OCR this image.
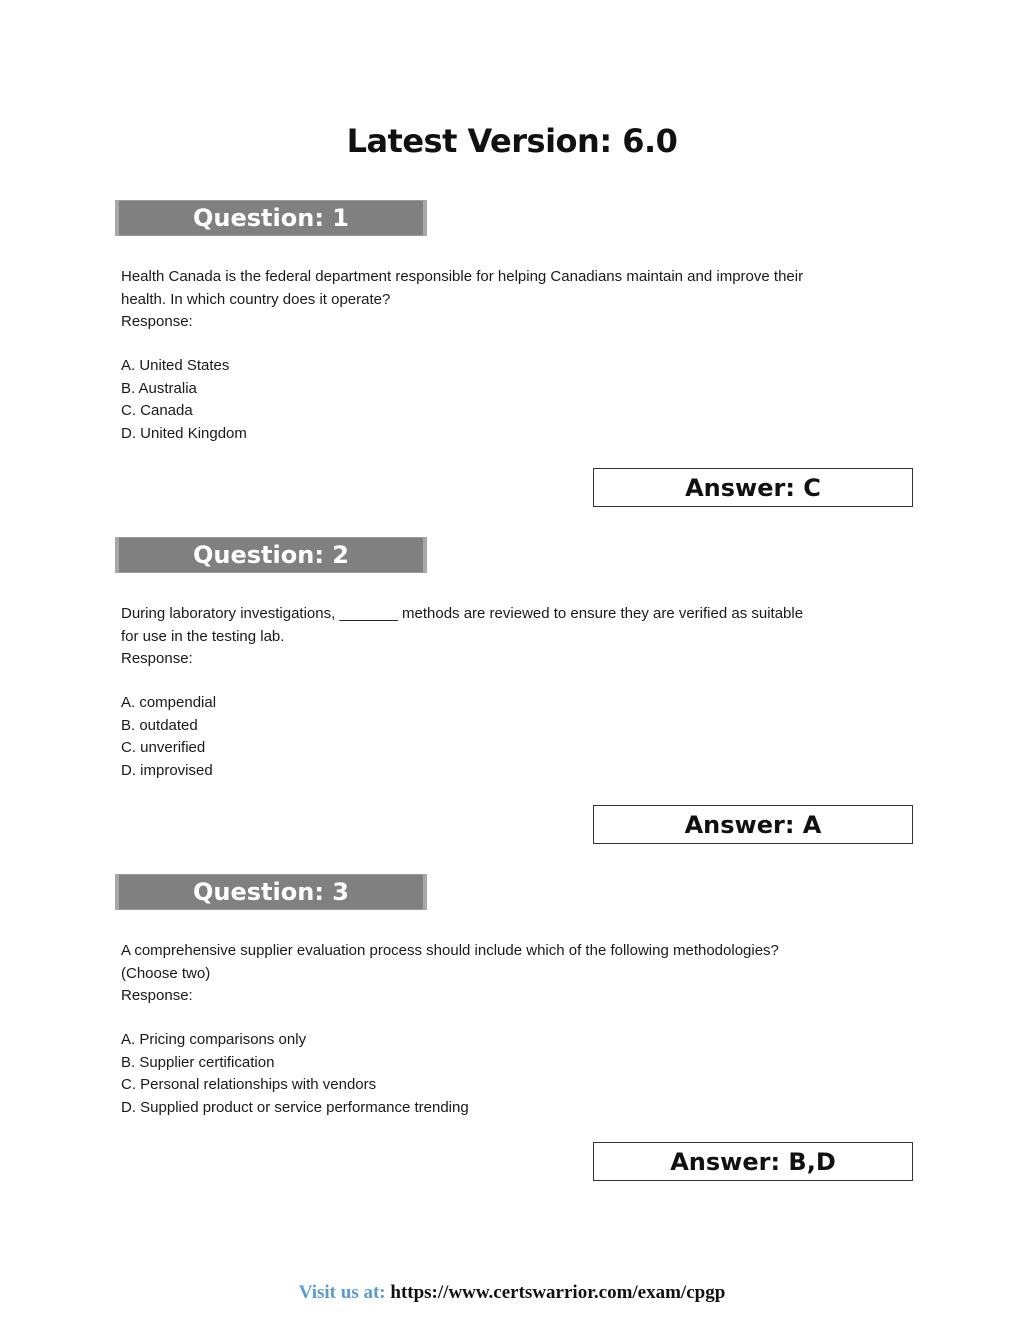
Latest Version: 6.0
Question: 1

Health Canada is the federal department responsible for helping Canadians maintain and improve their

health. In which country does it operate?

Response:

A. United States
B. Australia
C. Canada
D. United Kingdom
Answer: C
Question: 2

During laboratory investigations, _______ methods are reviewed to ensure they are verified as suitable

for use in the testing lab.

Response:

A. compendial
B. outdated
C. unverified
D. improvised
Answer: A
Question: 3

A comprehensive supplier evaluation process should include which of the following methodologies?

(Choose two)

Response:

A. Pricing comparisons only
B. Supplier certification
C. Personal relationships with vendors
D. Supplied product or service performance trending
Answer: B,D
Visit us at: https://www.certswarrior.com/exam/cpgp
